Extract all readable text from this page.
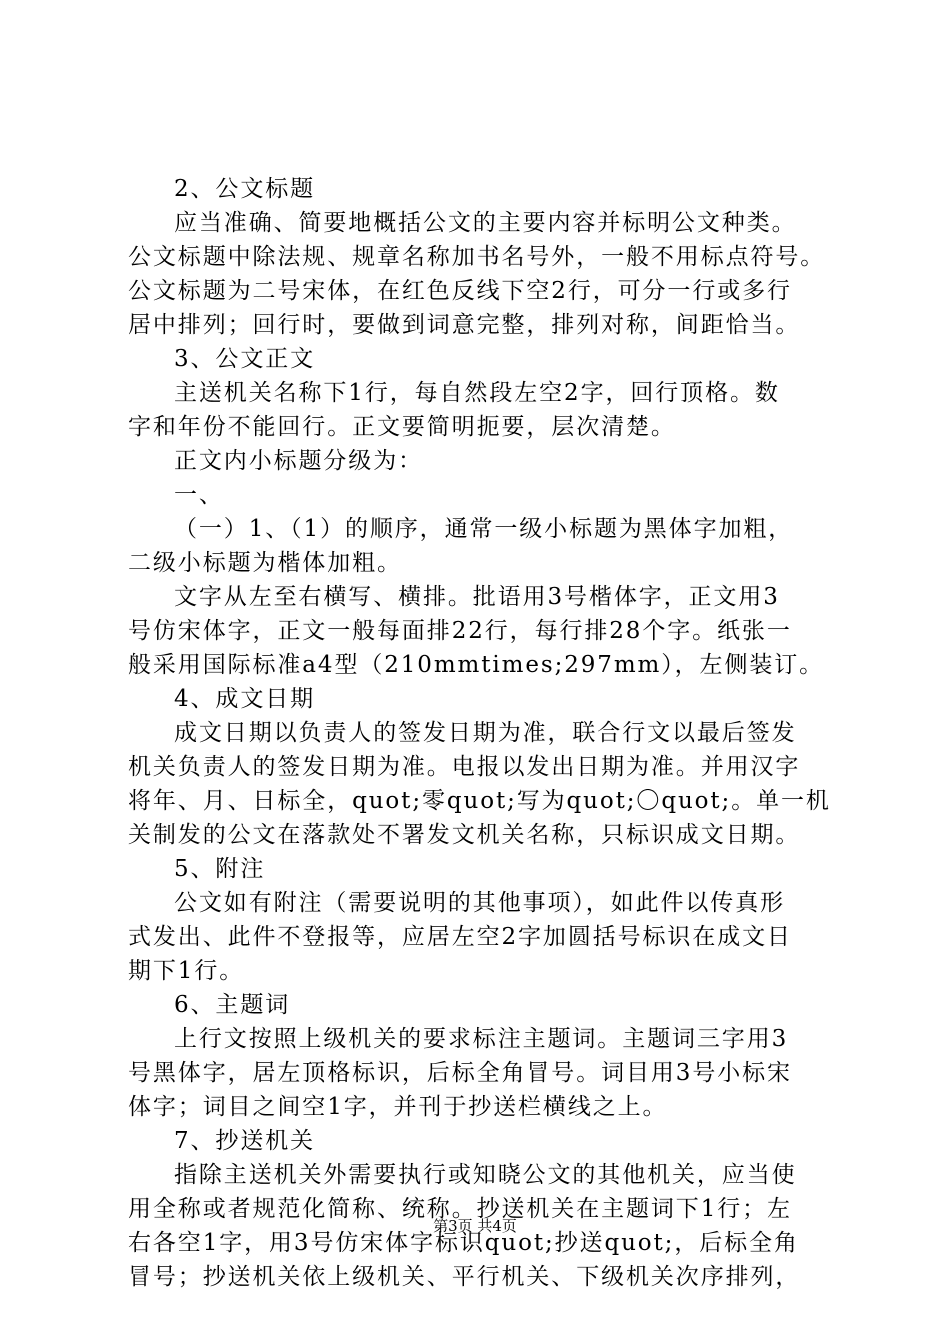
2、公文标题
应当准确、简要地概括公文的主要内容并标明公文种类。
公文标题中除法规、规章名称加书名号外，一般不用标点符号。
公文标题为二号宋体，在红色反线下空2行，可分一行或多行
居中排列；回行时，要做到词意完整，排列对称，间距恰当。
3、公文正文
主送机关名称下1行，每自然段左空2字，回行顶格。数
字和年份不能回行。正文要简明扼要，层次清楚。
正文内小标题分级为：
一、
（一）1、（1）的顺序，通常一级小标题为黑体字加粗，
二级小标题为楷体加粗。
文字从左至右横写、横排。批语用3号楷体字，正文用3
号仿宋体字，正文一般每面排22行，每行排28个字。纸张一
般采用国际标准a4型（210mmtimes;297mm），左侧装订。
4、成文日期
成文日期以负责人的签发日期为准，联合行文以最后签发
机关负责人的签发日期为准。电报以发出日期为准。并用汉字
将年、月、日标全，quot;零quot;写为quot;〇quot;。单一机
关制发的公文在落款处不署发文机关名称，只标识成文日期。
5、附注
公文如有附注（需要说明的其他事项），如此件以传真形
式发出、此件不登报等，应居左空2字加圆括号标识在成文日
期下1行。
6、主题词
上行文按照上级机关的要求标注主题词。主题词三字用3
号黑体字，居左顶格标识，后标全角冒号。词目用3号小标宋
体字；词目之间空1字，并刊于抄送栏横线之上。
7、抄送机关
指除主送机关外需要执行或知晓公文的其他机关，应当使
用全称或者规范化简称、统称。抄送机关在主题词下1行；左
右各空1字，用3号仿宋体字标识quot;抄送quot;，后标全角
冒号；抄送机关依上级机关、平行机关、下级机关次序排列，
第3页 共4页
